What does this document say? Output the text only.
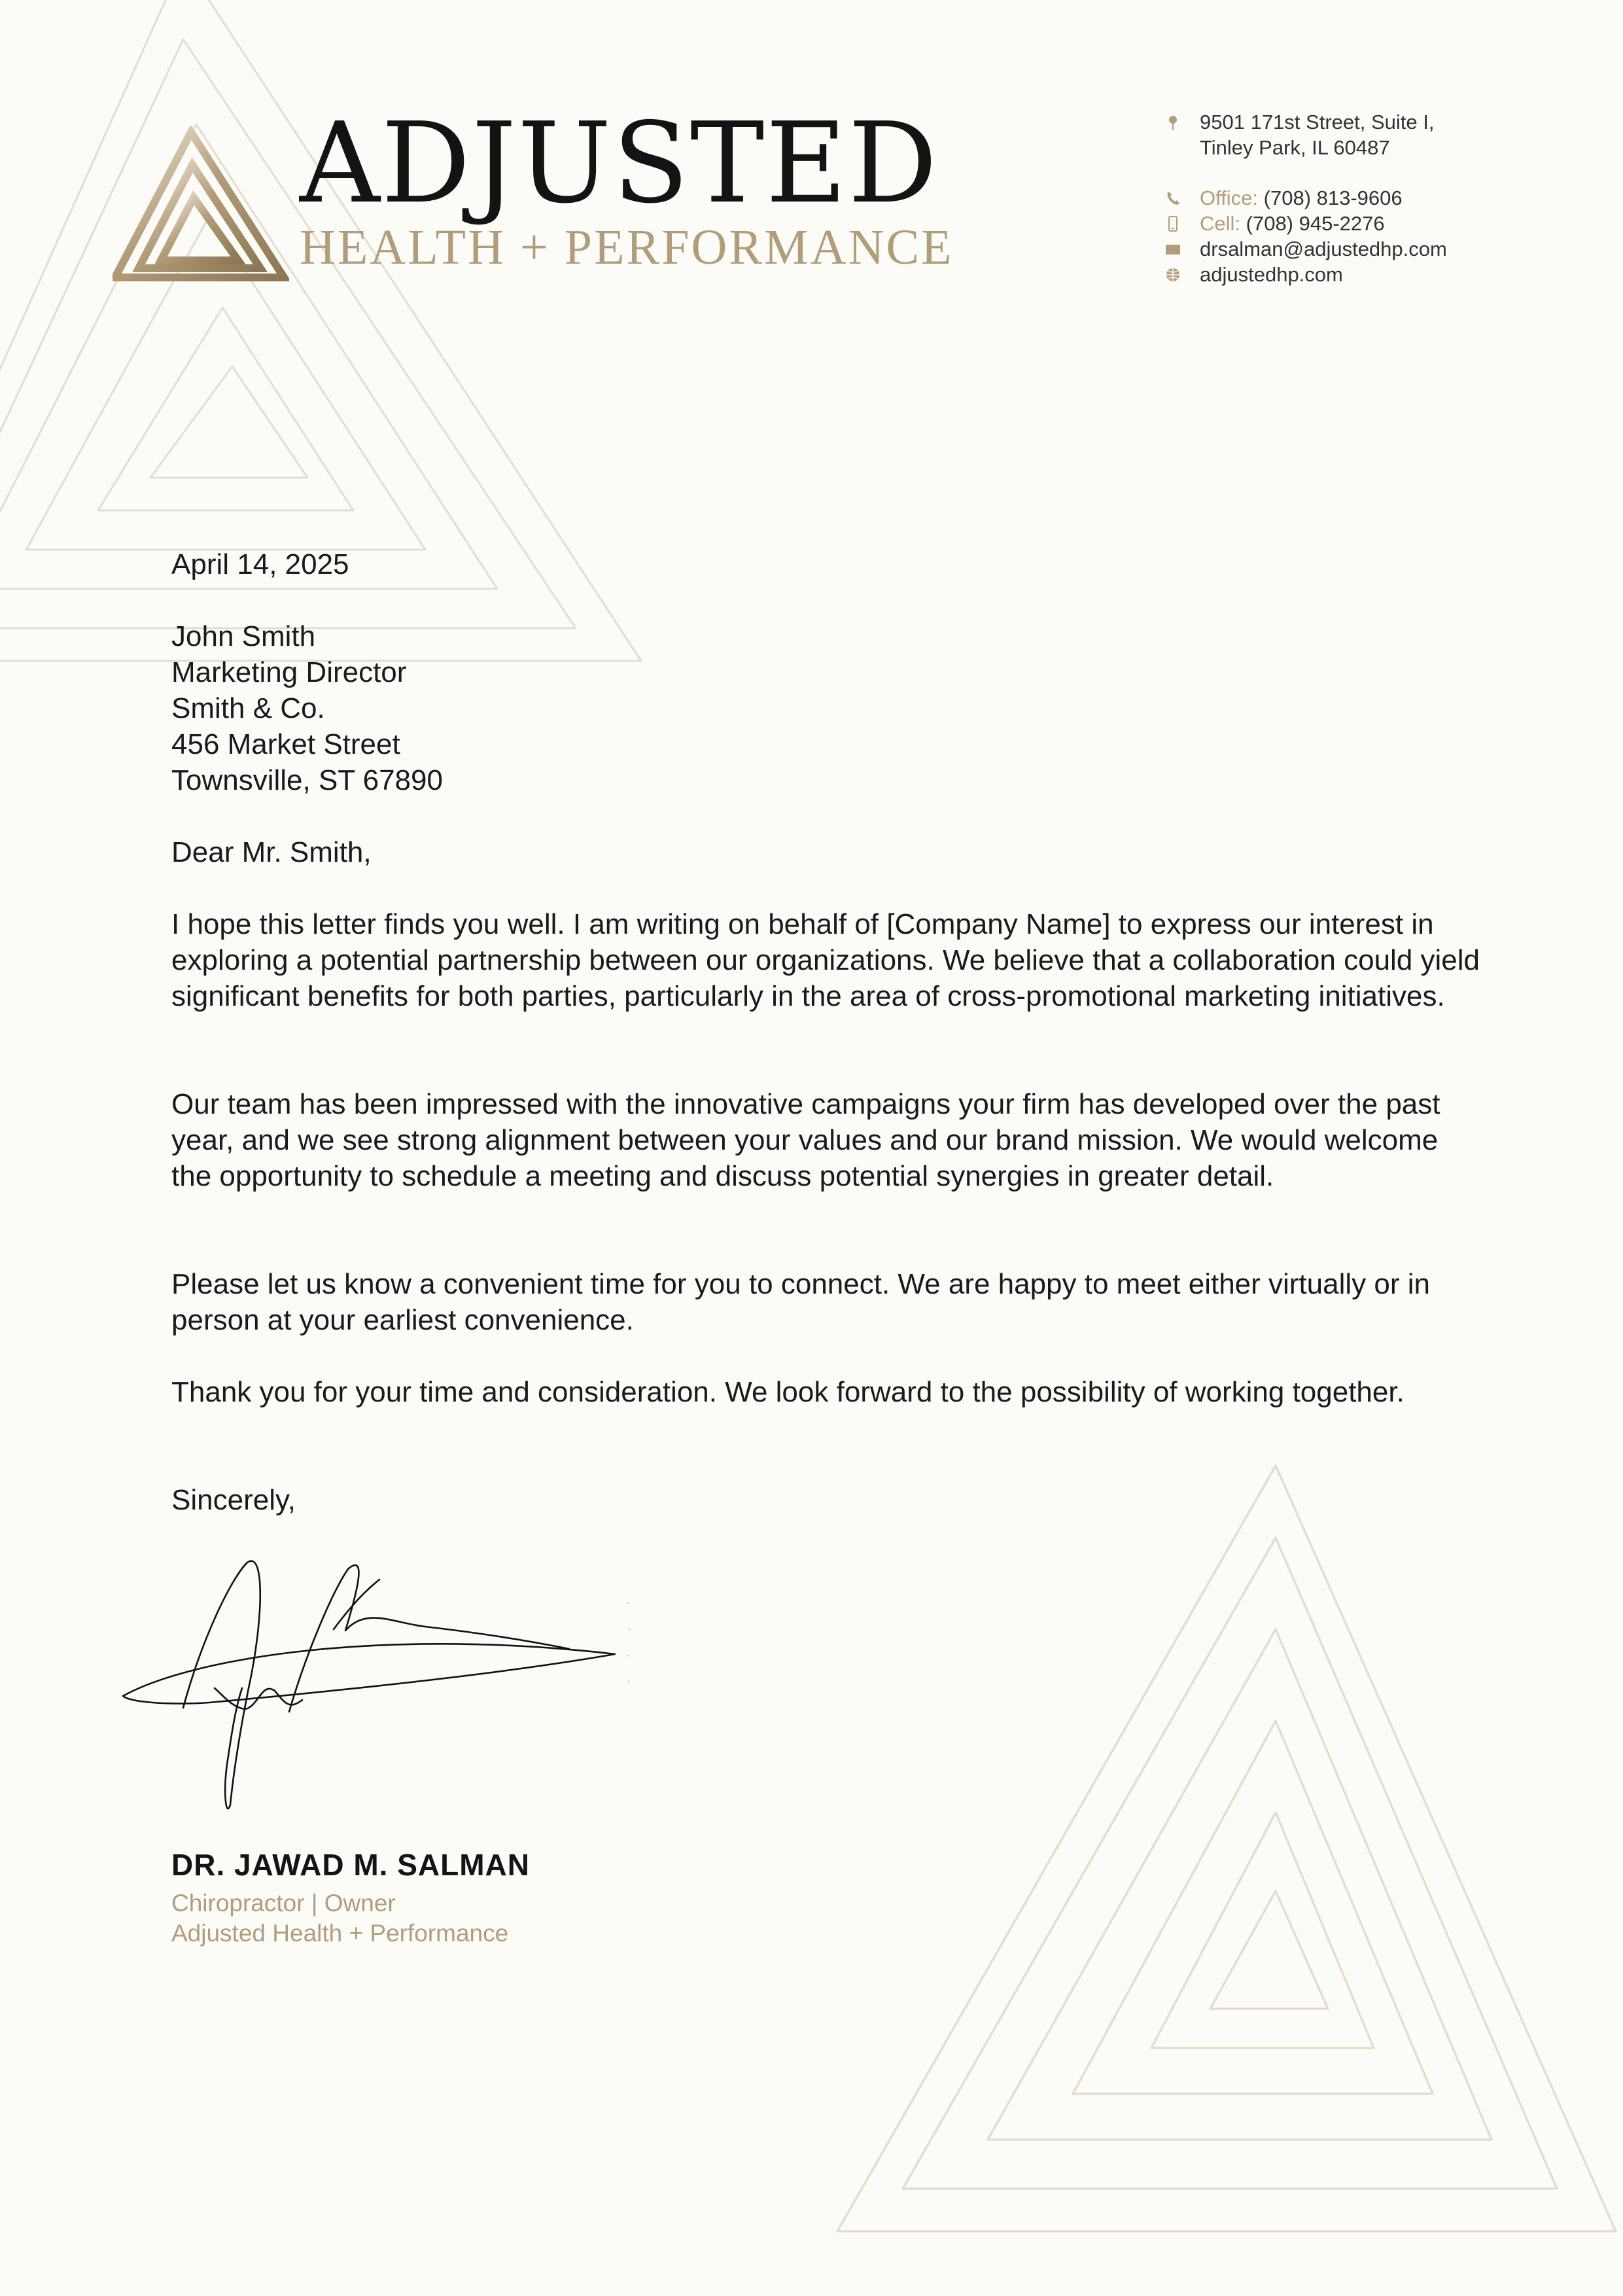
ADJUSTED
HEALTH + PERFORMANCE
9501 171st Street, Suite I,
Tinley Park, IL 60487
Office: (708) 813-9606
Cell: (708) 945-2276
drsalman@adjustedhp.com
adjustedhp.com

April 14, 2025

John Smith

Marketing Director

Smith & Co.

456 Market Street

Townsville, ST 67890

Dear Mr. Smith,

I hope this letter finds you well. I am writing on behalf of [Company Name] to express our interest in exploring a potential partnership between our organizations. We believe that a collaboration could yield significant benefits for both parties, particularly in the area of cross-promotional marketing initiatives.

Our team has been impressed with the innovative campaigns your firm has developed over the past year, and we see strong alignment between your values and our brand mission. We would welcome the opportunity to schedule a meeting and discuss potential synergies in greater detail.

Please let us know a convenient time for you to connect. We are happy to meet either virtually or in person at your earliest convenience.

Thank you for your time and consideration. We look forward to the possibility of working together.

Sincerely,

DR. JAWAD M. SALMAN
Chiropractor | Owner
Adjusted Health + Performance
